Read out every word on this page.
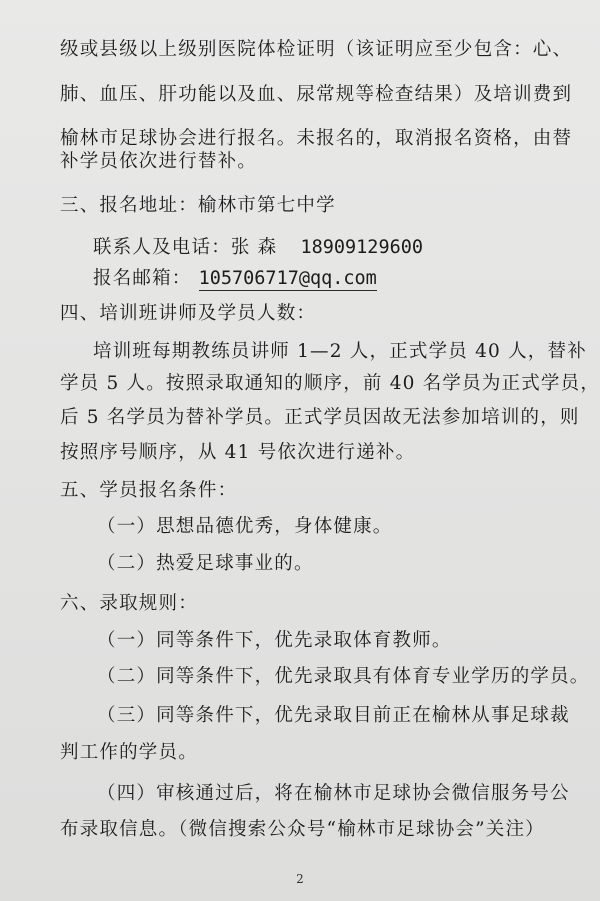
级或县级以上级别医院体检证明（该证明应至少包含：心、
肺、血压、肝功能以及血、尿常规等检查结果）及培训费到
榆林市足球协会进行报名。未报名的，取消报名资格，由替
补学员依次进行替补。
三、报名地址：榆林市第七中学
联系人及电话：张 森 18909129600
报名邮箱： 105706717@qq.com
四、培训班讲师及学员人数：
培训班每期教练员讲师 1—2 人，正式学员 40 人，替补
学员 5 人。按照录取通知的顺序，前 40 名学员为正式学员，
后 5 名学员为替补学员。正式学员因故无法参加培训的，则
按照序号顺序，从 41 号依次进行递补。
五、学员报名条件：
（一）思想品德优秀，身体健康。
（二）热爱足球事业的。
六、录取规则：
（一）同等条件下，优先录取体育教师。
（二）同等条件下，优先录取具有体育专业学历的学员。
（三）同等条件下，优先录取目前正在榆林从事足球裁
判工作的学员。
（四）审核通过后，将在榆林市足球协会微信服务号公
布录取信息。（微信搜索公众号“榆林市足球协会”关注）
2
